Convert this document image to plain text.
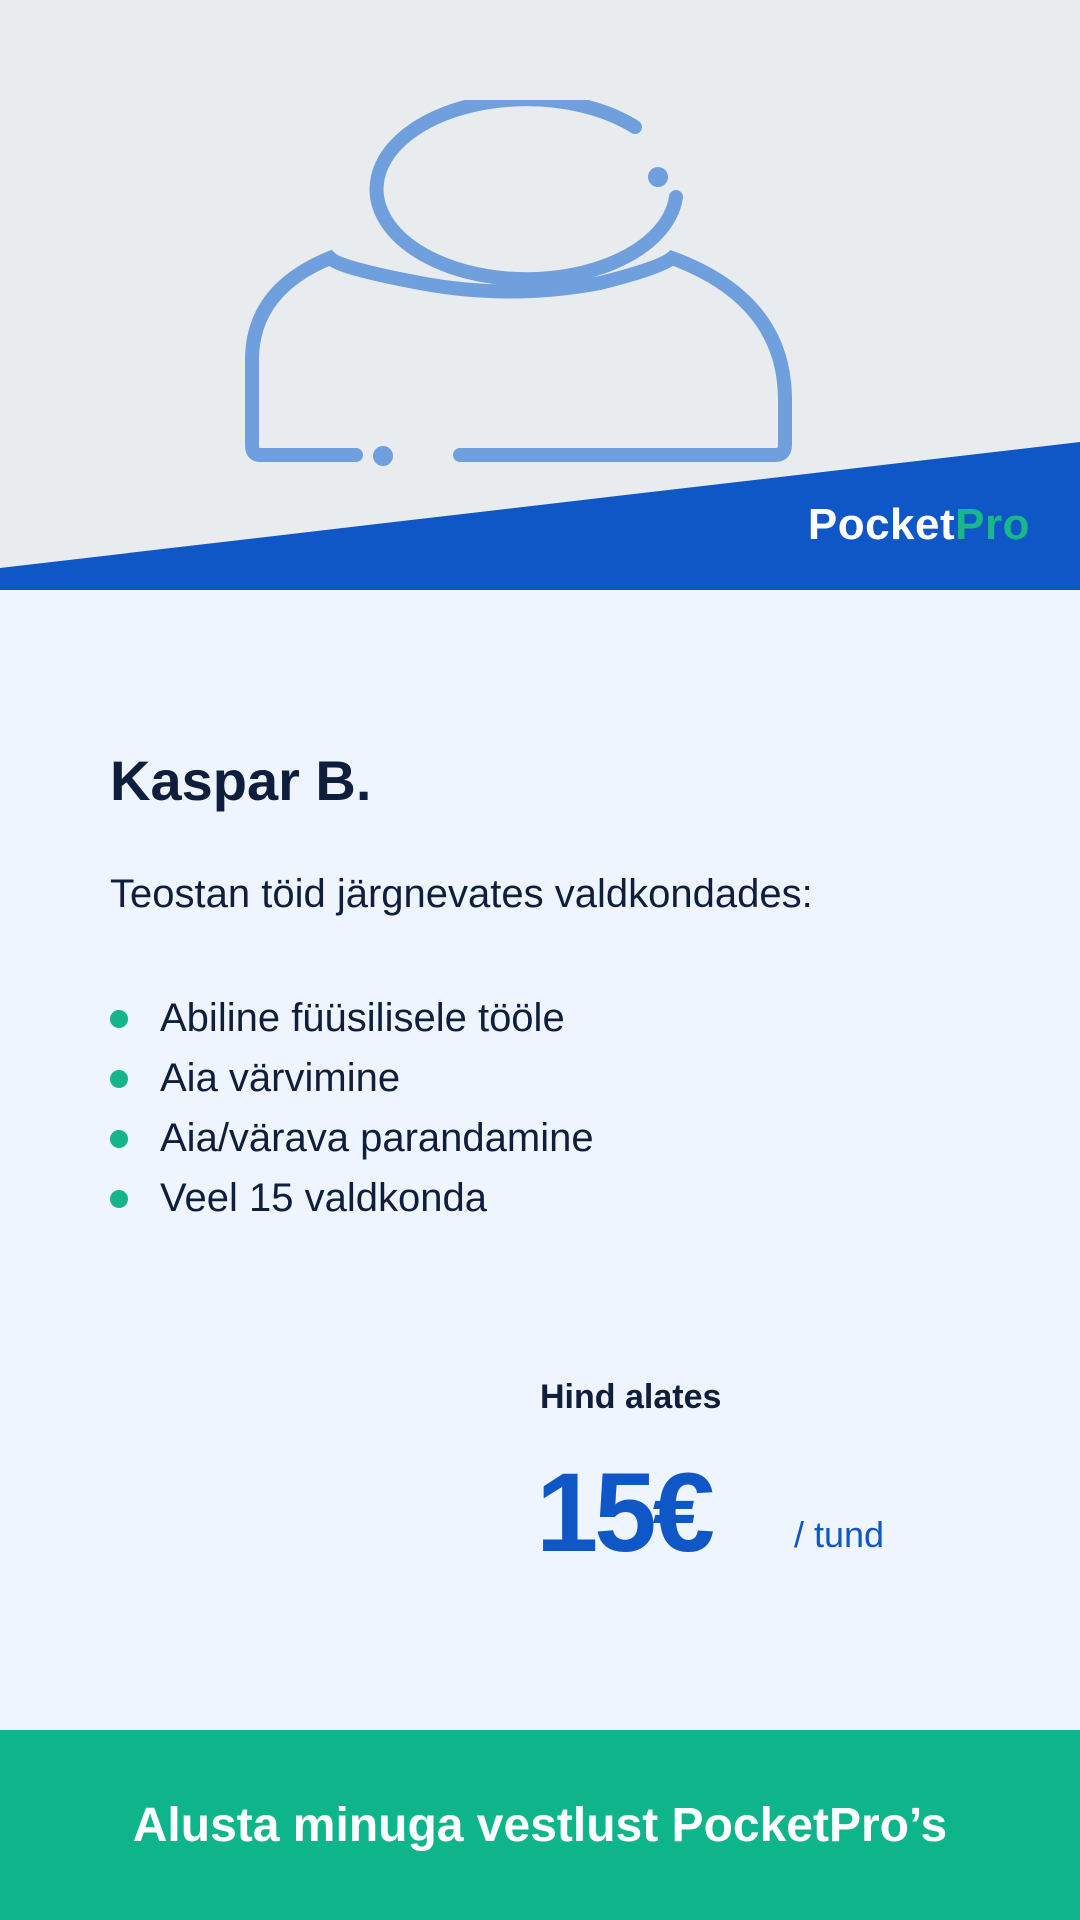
PocketPro
Kaspar B.

Teostan töid järgnevates valdkondades:

Abiline füüsilisele tööle
Aia värvimine
Aia/värava parandamine
Veel 15 valdkonda
Hind alates
15€ / tund
Alusta minuga vestlust PocketPro’s
